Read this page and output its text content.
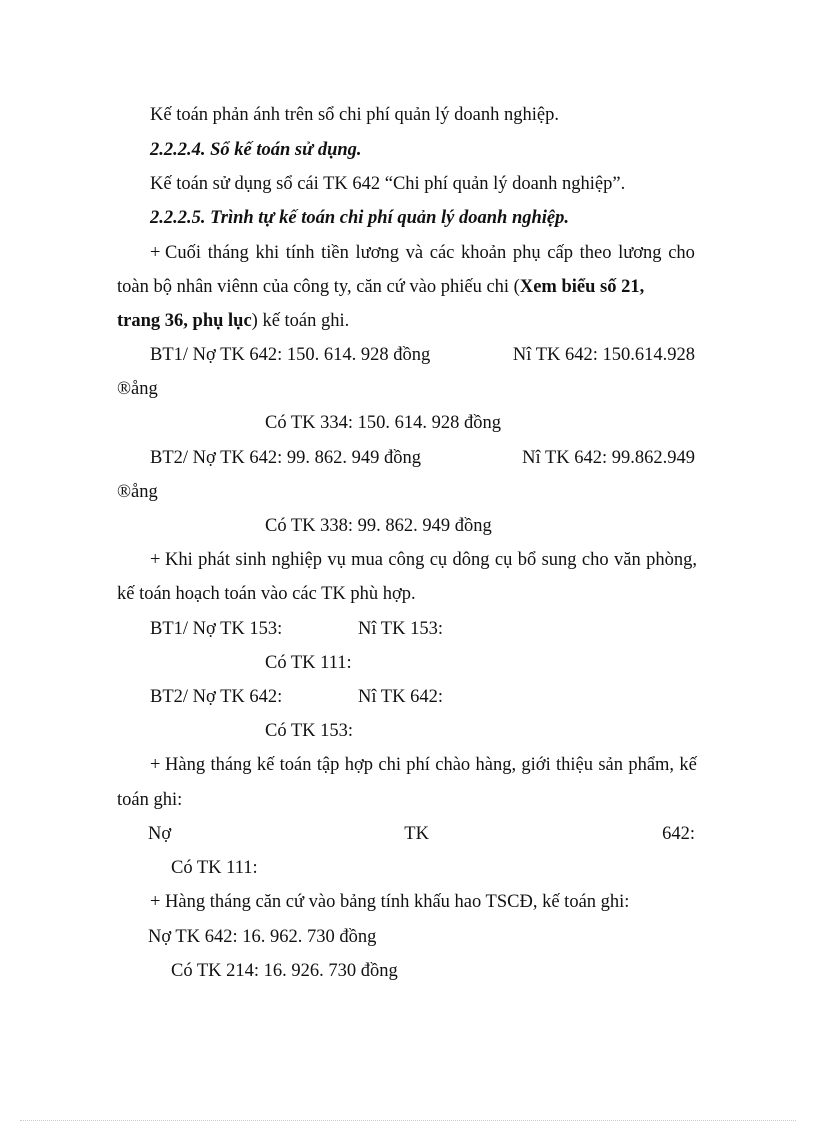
Kế toán phản ánh trên sổ chi phí quản lý doanh nghiệp.
2.2.2.4. Sổ kế toán sử dụng.
Kế toán sử dụng sổ cái TK 642 “Chi phí quản lý doanh nghiệp”.
2.2.2.5. Trình tự kế toán chi phí quản lý doanh nghiệp.
+ Cuối tháng khi tính tiền lương và các khoản phụ cấp theo lương cho
toàn bộ nhân viênn của công ty, căn cứ vào phiếu chi (Xem biểu số 21,
trang 36, phụ lục) kế toán ghi.
BT1/ Nợ TK 642: 150. 614. 928 đồng	Nî TK 642: 150.614.928
®ång
Có TK 334: 150. 614. 928 đồng
BT2/ Nợ TK 642: 99. 862. 949 đồng	Nî TK 642: 99.862.949
®ång
Có TK 338: 99. 862. 949 đồng
+ Khi phát sinh nghiệp vụ mua công cụ dông cụ bổ sung cho văn phòng,
kế toán hoạch toán vào các TK phù hợp.
BT1/ Nợ TK 153:	Nî TK 153:
Có TK 111:
BT2/ Nợ TK 642:	Nî TK 642:
Có TK 153:
+ Hàng tháng kế toán tập hợp chi phí chào hàng, giới thiệu sản phẩm, kế
toán ghi:
Nợ	TK	642:
Có TK 111:
+ Hàng tháng căn cứ vào bảng tính khấu hao TSCĐ, kế toán ghi:
Nợ TK 642: 16. 962. 730 đồng
Có TK 214: 16. 926. 730 đồng
